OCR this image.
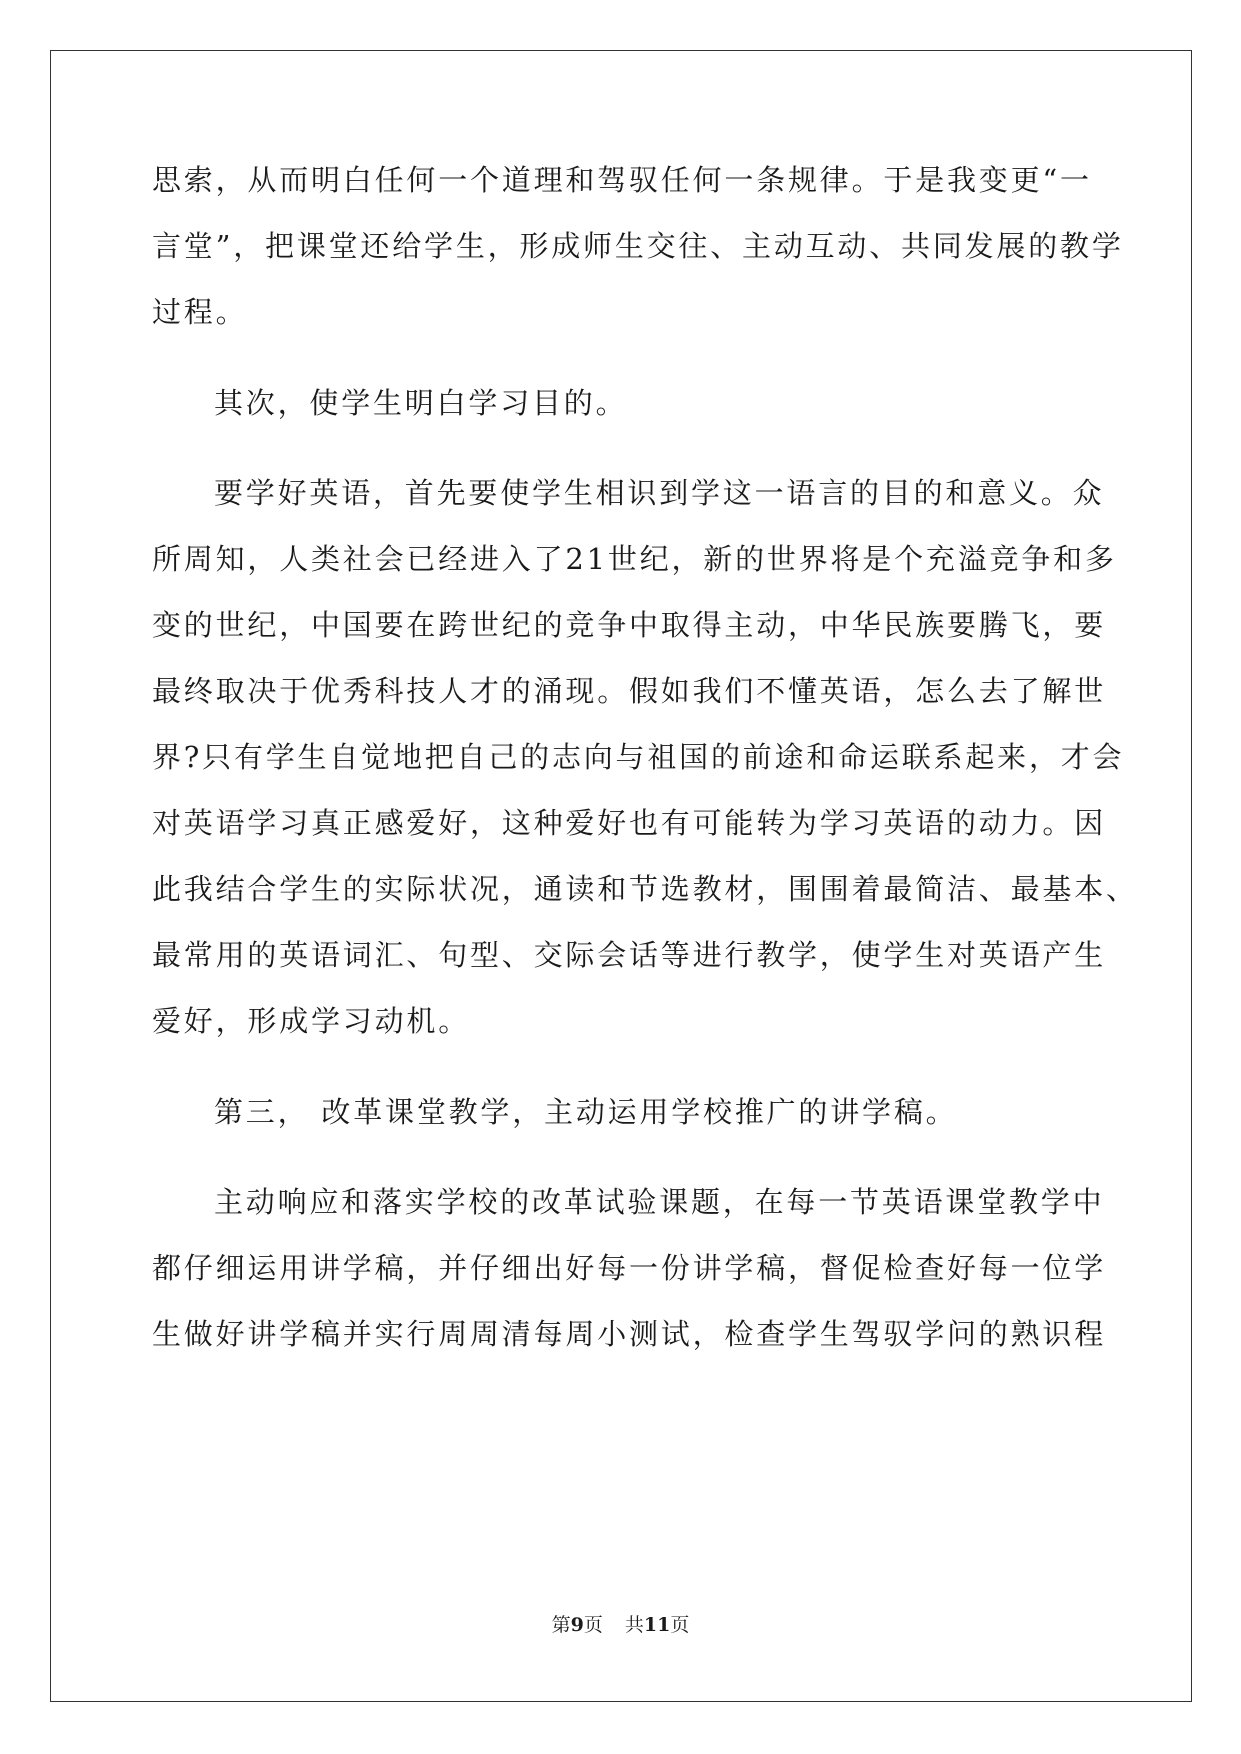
思索，从而明白任何一个道理和驾驭任何一条规律。于是我变更“一

言堂”，把课堂还给学生，形成师生交往、主动互动、共同发展的教学

过程。

其次，使学生明白学习目的。

要学好英语，首先要使学生相识到学这一语言的目的和意义。众

所周知，人类社会已经进入了21世纪，新的世界将是个充溢竞争和多

变的世纪，中国要在跨世纪的竞争中取得主动，中华民族要腾飞，要

最终取决于优秀科技人才的涌现。假如我们不懂英语，怎么去了解世

界?只有学生自觉地把自己的志向与祖国的前途和命运联系起来，才会

对英语学习真正感爱好，这种爱好也有可能转为学习英语的动力。因

此我结合学生的实际状况，通读和节选教材，围围着最简洁、最基本、

最常用的英语词汇、句型、交际会话等进行教学，使学生对英语产生

爱好，形成学习动机。

第三， 改革课堂教学，主动运用学校推广的讲学稿。

主动响应和落实学校的改革试验课题，在每一节英语课堂教学中

都仔细运用讲学稿，并仔细出好每一份讲学稿，督促检查好每一位学

生做好讲学稿并实行周周清每周小测试，检查学生驾驭学问的熟识程

第9页 共11页
